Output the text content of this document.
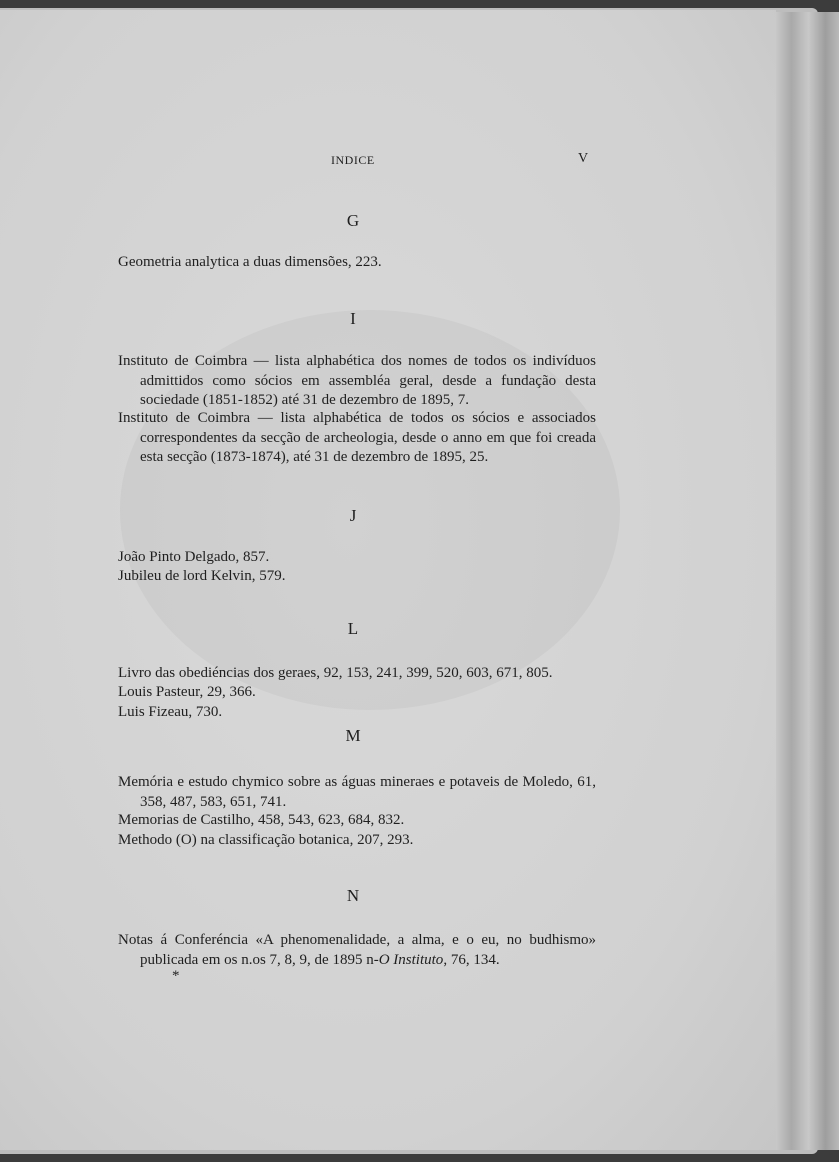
INDICE	V
G
Geometria analytica a duas dimensões, 223.
I
Instituto de Coimbra — lista alphabética dos nomes de todos os indivíduos admittidos como sócios em assembléa geral, desde a fundação desta sociedade (1851-1852) até 31 de dezembro de 1895, 7.
Instituto de Coimbra — lista alphabética de todos os sócios e associados correspondentes da secção de archeologia, desde o anno em que foi creada esta secção (1873-1874), até 31 de dezembro de 1895, 25.
J
João Pinto Delgado, 857.
Jubileu de lord Kelvin, 579.
L
Livro das obediéncias dos geraes, 92, 153, 241, 399, 520, 603, 671, 805.
Louis Pasteur, 29, 366.
Luis Fizeau, 730.
M
Memória e estudo chymico sobre as águas mineraes e potaveis de Moledo, 61, 358, 487, 583, 651, 741.
Memorias de Castilho, 458, 543, 623, 684, 832.
Methodo (O) na classificação botanica, 207, 293.
N
Notas á Conferéncia «A phenomenalidade, a alma, e o eu, no budhismo» publicada em os n.os 7, 8, 9, de 1895 n-O Instituto, 76, 134.
*
